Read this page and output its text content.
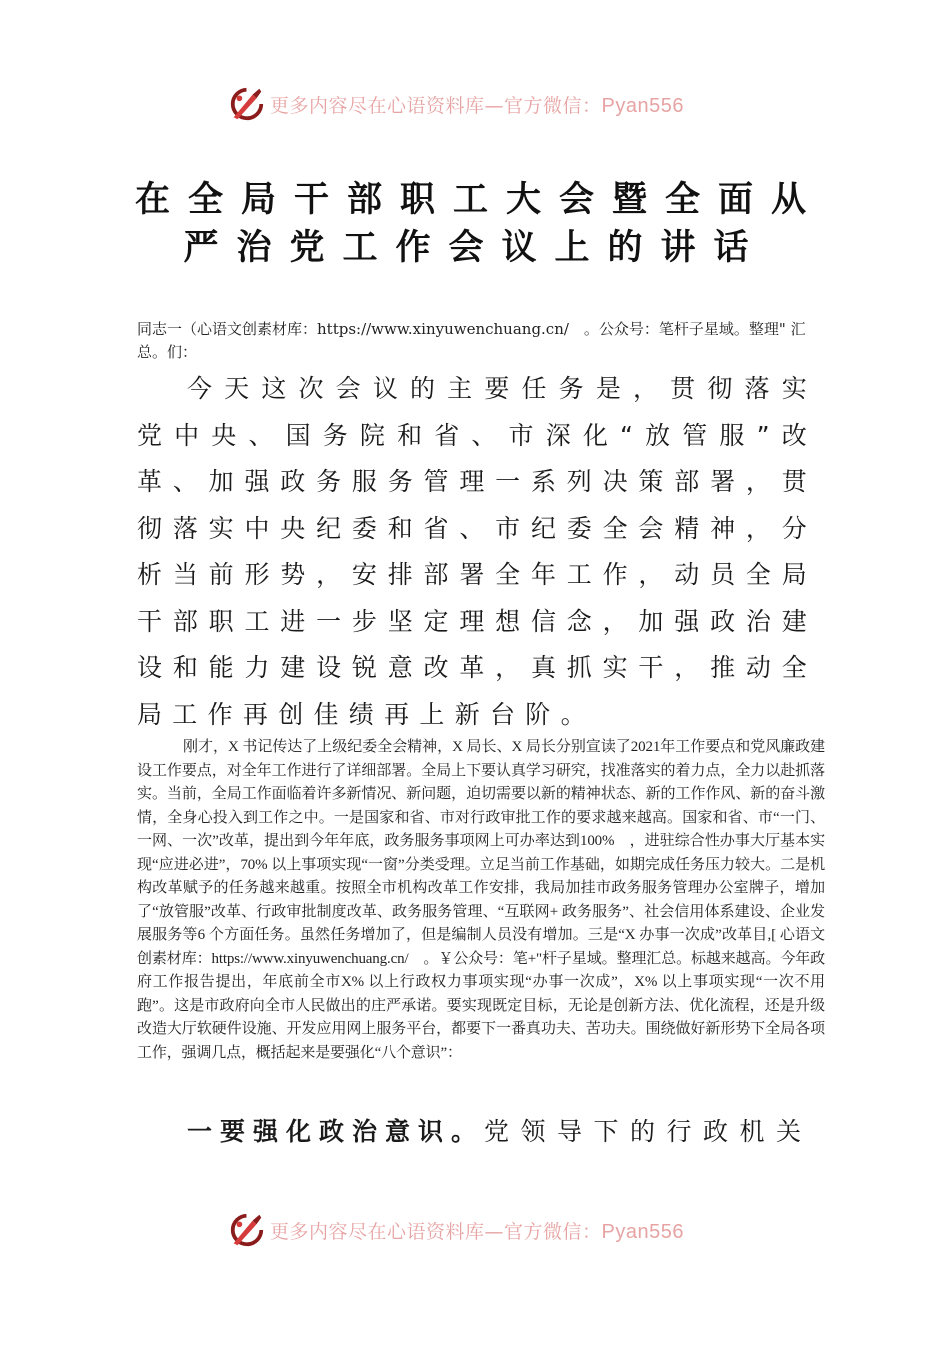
更多内容尽在心语资料库—官方微信：Pyan556
在全局干部职工大会暨全面从
严治党工作会议上的讲话
同志一（心语文创素材库：https://www.xinyuwenchuang.cn/　。公众号：笔杆子星域。整理" 汇总。们：
今天这次会议的主要任务是，贯彻落实党中央、国务院和省、市深化“放管服”改革、加强政务服务管理一系列决策部署，贯彻落实中央纪委和省、市纪委全会精神，分析当前形势，安排部署全年工作，动员全局干部职工进一步坚定理想信念，加强政治建设和能力建设锐意改革，真抓实干，推动全局工作再创佳绩再上新台阶。
刚才，X 书记传达了上级纪委全会精神，X 局长、X 局长分别宣读了2021年工作要点和党风廉政建设工作要点，对全年工作进行了详细部署。全局上下要认真学习研究，找准落实的着力点，全力以赴抓落实。当前，全局工作面临着许多新情况、新问题，迫切需要以新的精神状态、新的工作作风、新的奋斗激情，全身心投入到工作之中。一是国家和省、市对行政审批工作的要求越来越高。国家和省、市“一门、一网、一次”改革，提出到今年年底，政务服务事项网上可办率达到100%　，进驻综合性办事大厅基本实现“应进必进”，70% 以上事项实现“一窗”分类受理。立足当前工作基础，如期完成任务压力较大。二是机构改革赋予的任务越来越重。按照全市机构改革工作安排，我局加挂市政务服务管理办公室牌子，增加了“放管服”改革、行政审批制度改革、政务服务管理、“互联网+ 政务服务”、社会信用体系建设、企业发展服务等6 个方面任务。虽然任务增加了，但是编制人员没有增加。三是“X 办事一次成”改革目,[ 心语文创素材库：https://www.xinyuwenchuang.cn/　。￥公众号：笔+"杆子星域。整理汇总。标越来越高。今年政府工作报告提出，年底前全市X% 以上行政权力事项实现“办事一次成”，X% 以上事项实现“一次不用跑”。这是市政府向全市人民做出的庄严承诺。要实现既定目标，无论是创新方法、优化流程，还是升级改造大厅软硬件设施、开发应用网上服务平台，都要下一番真功夫、苦功夫。围绕做好新形势下全局各项工作，强调几点，概括起来是要强化“八个意识”：
一要强化政治意识。党领导下的行政机关
更多内容尽在心语资料库—官方微信：Pyan556
